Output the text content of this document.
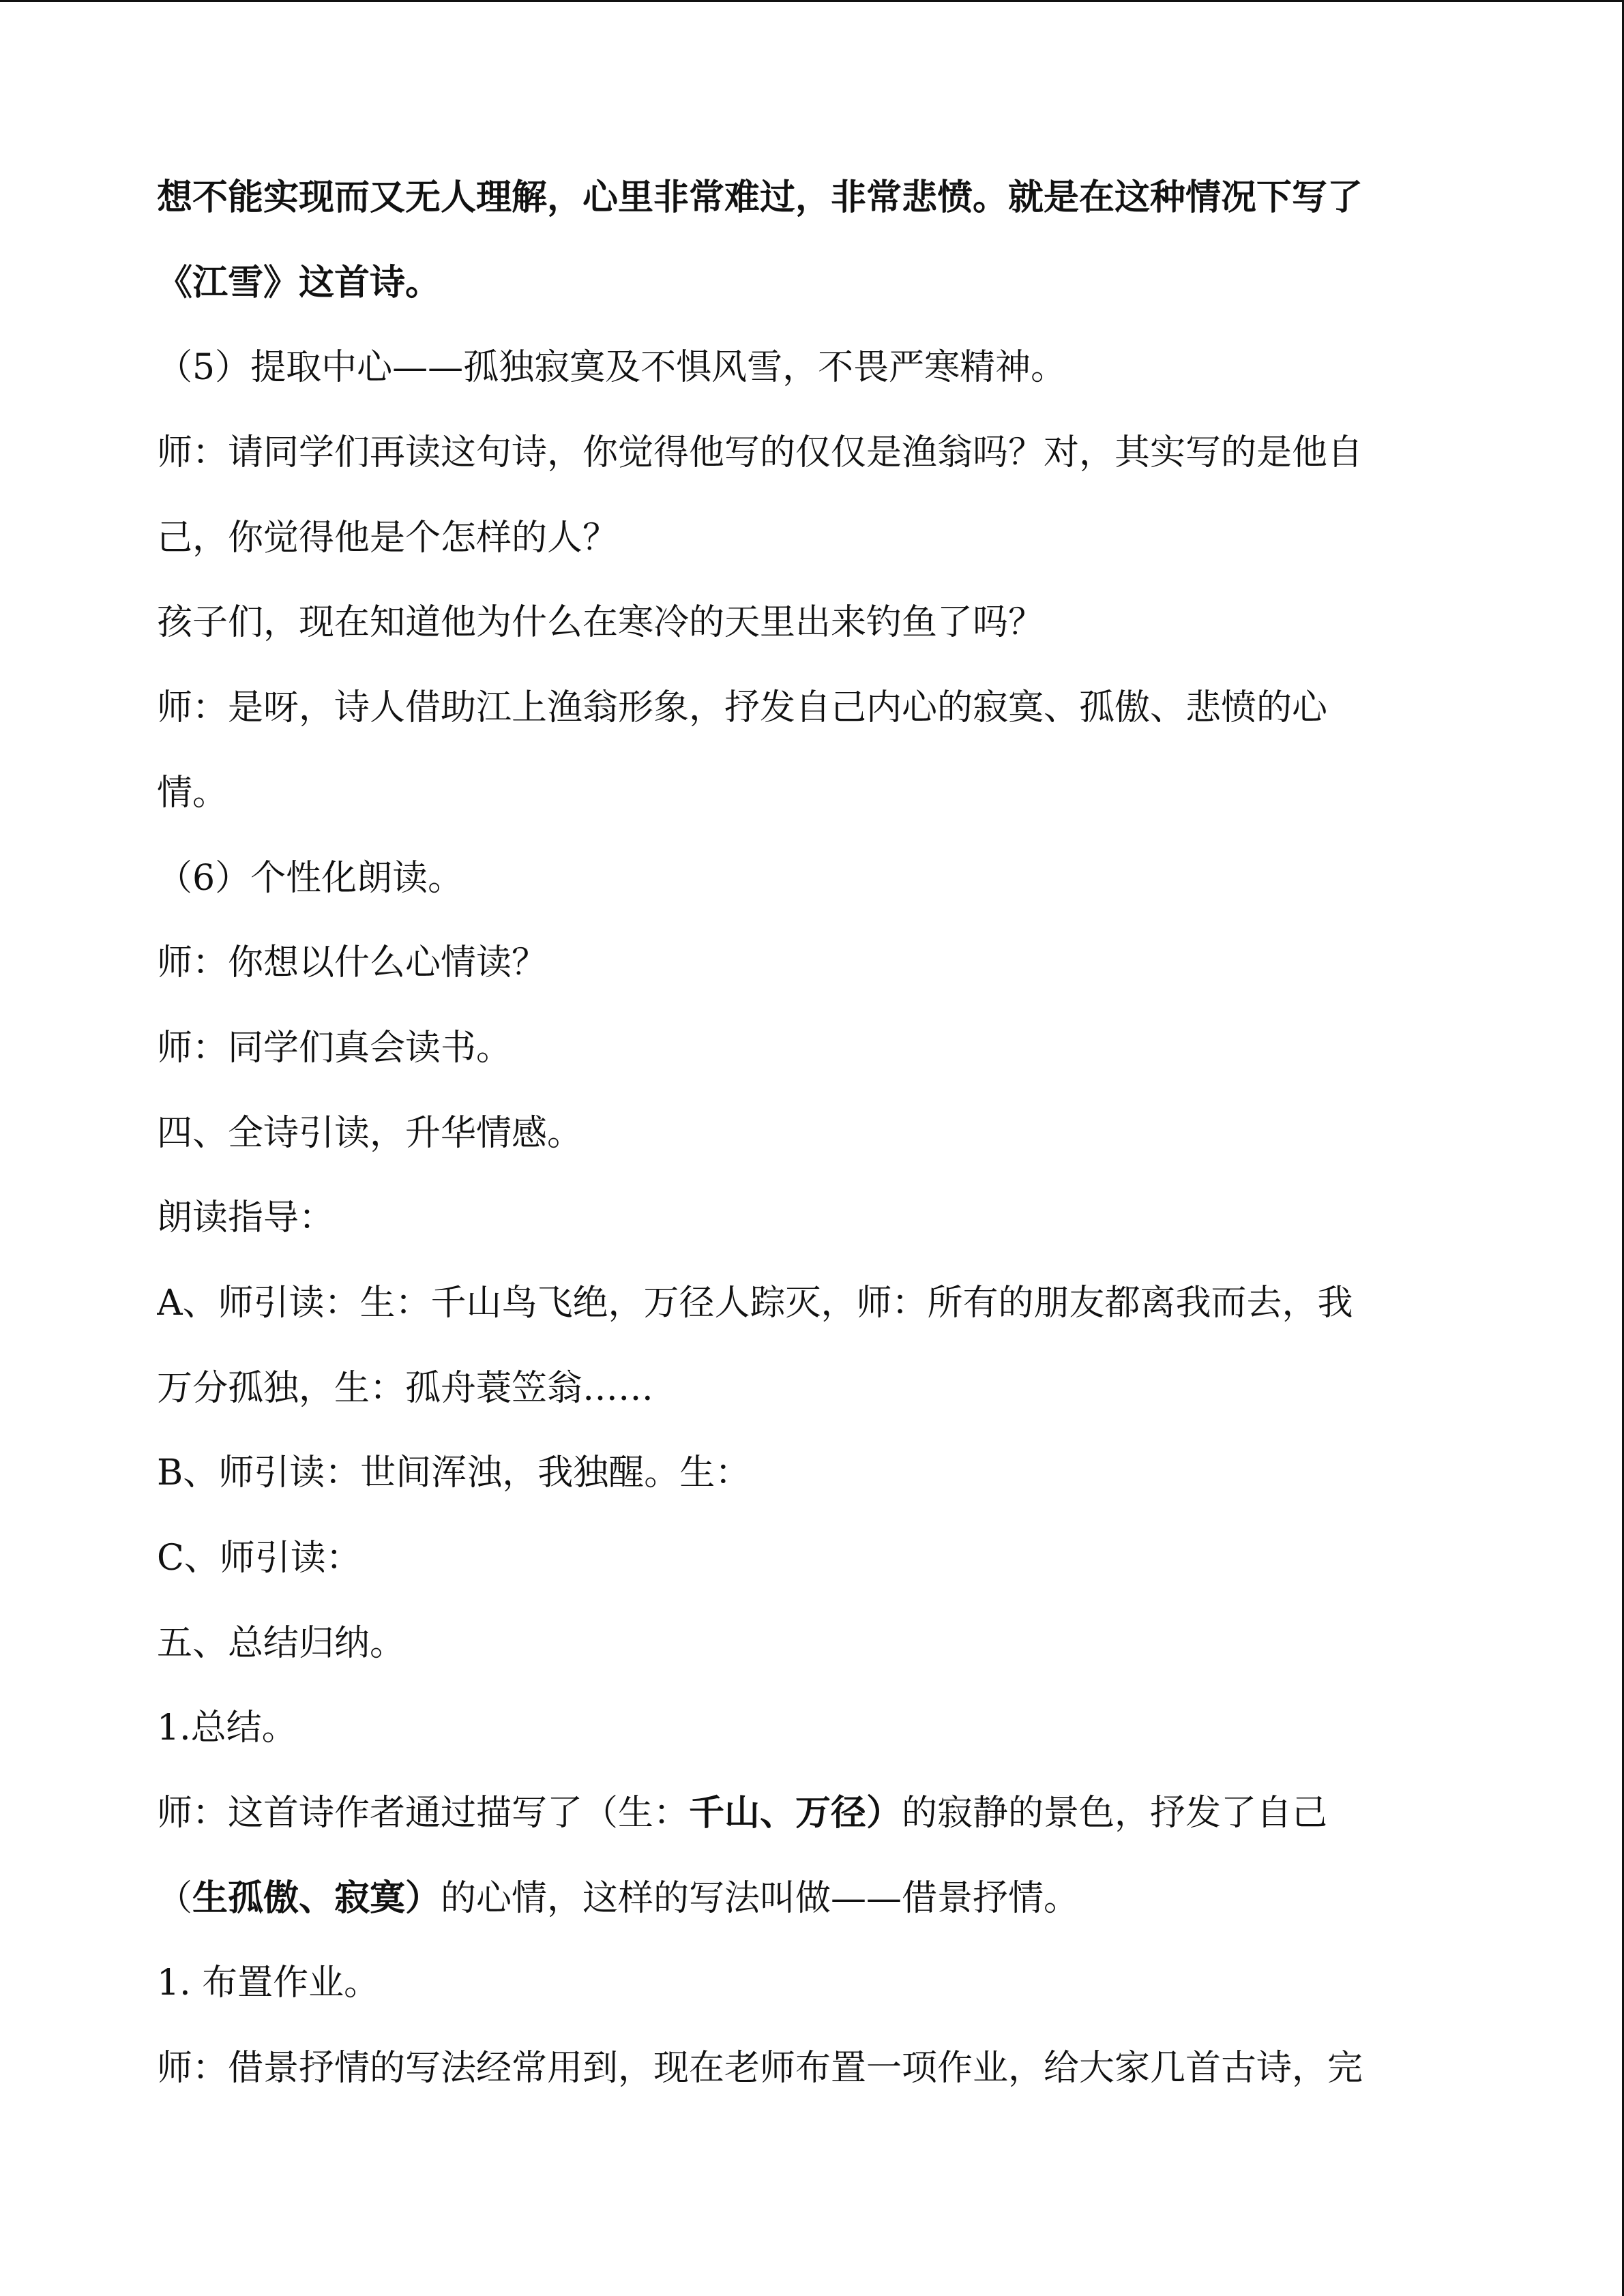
想不能实现而又无人理解，心里非常难过，非常悲愤。就是在这种情况下写了
《江雪》这首诗。
（5）提取中心——孤独寂寞及不惧风雪，不畏严寒精神。
师：请同学们再读这句诗，你觉得他写的仅仅是渔翁吗？对，其实写的是他自
己，你觉得他是个怎样的人？
孩子们，现在知道他为什么在寒冷的天里出来钓鱼了吗？
师：是呀，诗人借助江上渔翁形象，抒发自己内心的寂寞、孤傲、悲愤的心
情。
（6）个性化朗读。
师：你想以什么心情读？
师：同学们真会读书。
四、全诗引读，升华情感。
朗读指导：
A、师引读：生：千山鸟飞绝，万径人踪灭，师：所有的朋友都离我而去，我
万分孤独，生：孤舟蓑笠翁……
B、师引读：世间浑浊，我独醒。生：
C、师引读：
五、总结归纳。
1.总结。
师：这首诗作者通过描写了（生：千山、万径）的寂静的景色，抒发了自己
（生孤傲、寂寞）的心情，这样的写法叫做——借景抒情。
1. 布置作业。
师：借景抒情的写法经常用到，现在老师布置一项作业，给大家几首古诗，完
